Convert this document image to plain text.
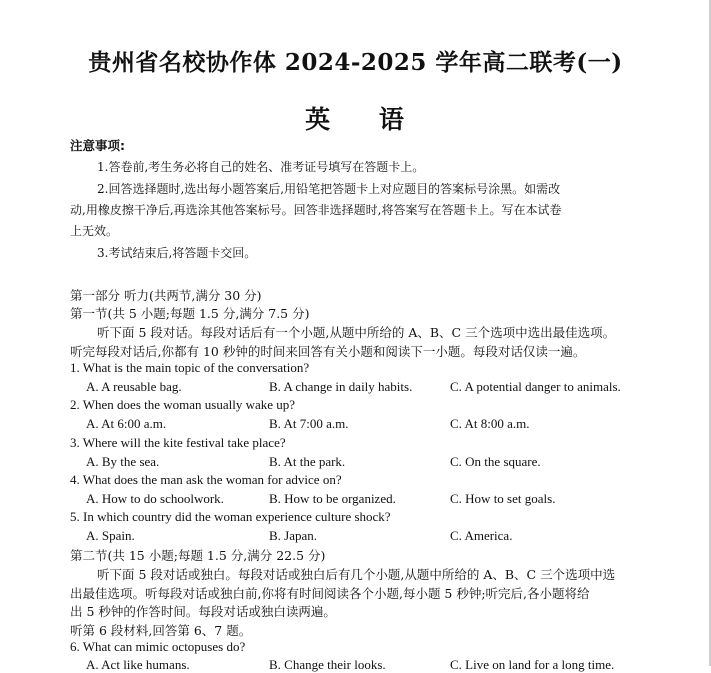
贵州省名校协作体 2024-2025 学年高二联考(一)
英 语
注意事项:
1.答卷前,考生务必将自己的姓名、准考证号填写在答题卡上。
2.回答选择题时,选出每小题答案后,用铅笔把答题卡上对应题目的答案标号涂黑。如需改
动,用橡皮擦干净后,再选涂其他答案标号。回答非选择题时,将答案写在答题卡上。写在本试卷
上无效。
3.考试结束后,将答题卡交回。
第一部分 听力(共两节,满分 30 分)
第一节(共 5 小题;每题 1.5 分,满分 7.5 分)
听下面 5 段对话。每段对话后有一个小题,从题中所给的 A、B、C 三个选项中选出最佳选项。
听完每段对话后,你都有 10 秒钟的时间来回答有关小题和阅读下一小题。每段对话仅读一遍。
1. What is the main topic of the conversation?
A. A reusable bag.	B. A change in daily habits.	C. A potential danger to animals.
2. When does the woman usually wake up?
A. At 6:00 a.m.	B. At 7:00 a.m.	C. At 8:00 a.m.
3. Where will the kite festival take place?
A. By the sea.	B. At the park.	C. On the square.
4. What does the man ask the woman for advice on?
A. How to do schoolwork.	B. How to be organized.	C. How to set goals.
5. In which country did the woman experience culture shock?
A. Spain.	B. Japan.	C. America.
第二节(共 15 小题;每题 1.5 分,满分 22.5 分)
听下面 5 段对话或独白。每段对话或独白后有几个小题,从题中所给的 A、B、C 三个选项中选
出最佳选项。听每段对话或独白前,你将有时间阅读各个小题,每小题 5 秒钟;听完后,各小题将给
出 5 秒钟的作答时间。每段对话或独白读两遍。
听第 6 段材料,回答第 6、7 题。
6. What can mimic octopuses do?
A. Act like humans.	B. Change their looks.	C. Live on land for a long time.
